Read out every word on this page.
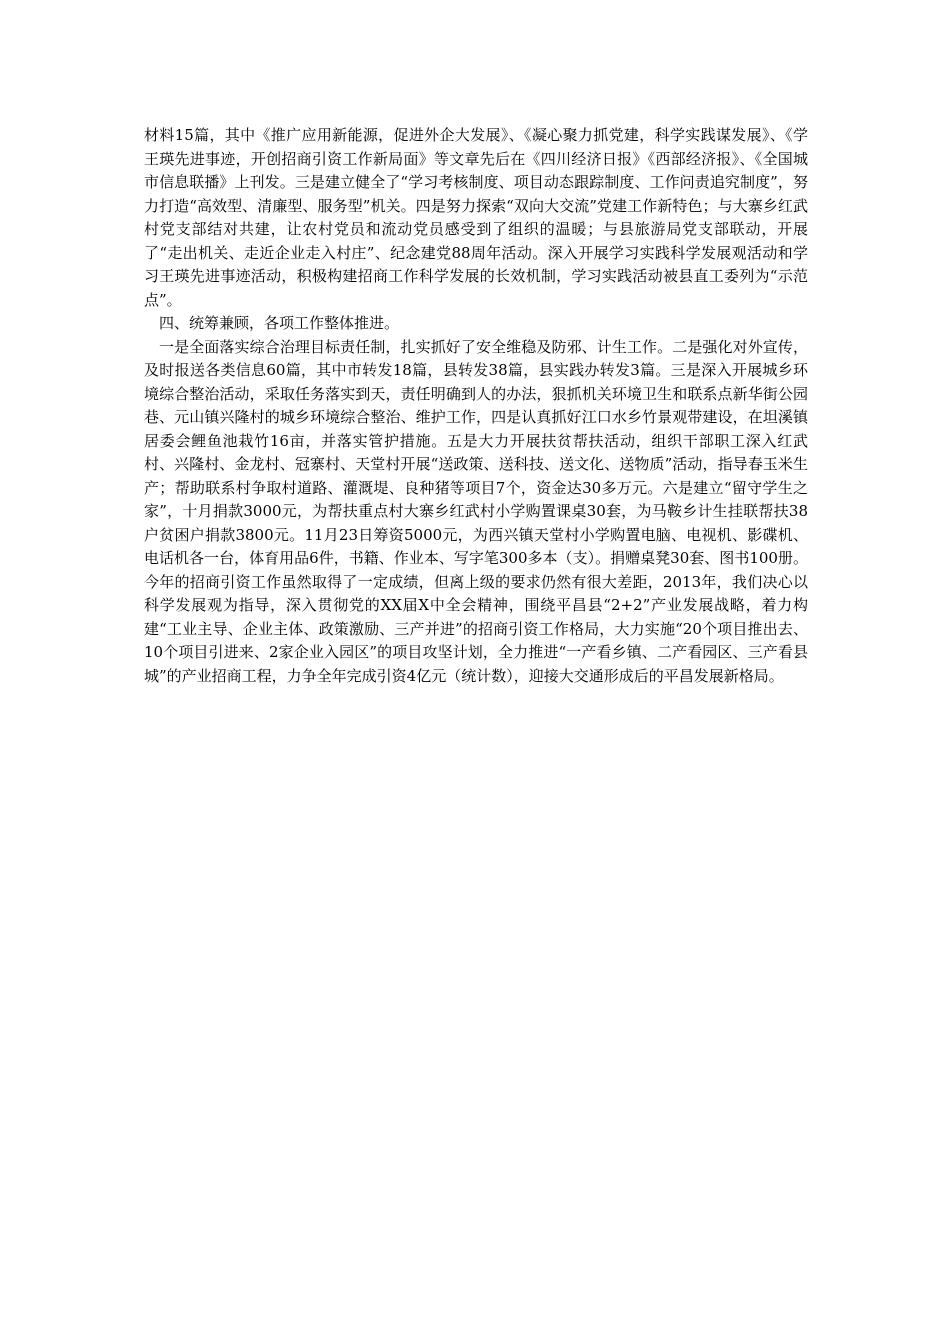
材料15篇，其中《推广应用新能源，促进外企大发展》、《凝心聚力抓党建，科学实践谋发展》、《学王瑛先进事迹，开创招商引资工作新局面》等文章先后在《四川经济日报》《西部经济报》、《全国城市信息联播》上刊发。三是建立健全了“学习考核制度、项目动态跟踪制度、工作问责追究制度”，努力打造“高效型、清廉型、服务型”机关。四是努力探索“双向大交流”党建工作新特色；与大寨乡红武村党支部结对共建，让农村党员和流动党员感受到了组织的温暖；与县旅游局党支部联动，开展了“走出机关、走近企业走入村庄”、纪念建党88周年活动。深入开展学习实践科学发展观活动和学习王瑛先进事迹活动，积极构建招商工作科学发展的长效机制，学习实践活动被县直工委列为“示范点”。

四、统筹兼顾，各项工作整体推进。

一是全面落实综合治理目标责任制，扎实抓好了安全维稳及防邪、计生工作。二是强化对外宣传，及时报送各类信息60篇，其中市转发18篇，县转发38篇，县实践办转发3篇。三是深入开展城乡环境综合整治活动，采取任务落实到天，责任明确到人的办法，狠抓机关环境卫生和联系点新华街公园巷、元山镇兴隆村的城乡环境综合整治、维护工作，四是认真抓好江口水乡竹景观带建设，在坦溪镇居委会鲤鱼池栽竹16亩，并落实管护措施。五是大力开展扶贫帮扶活动，组织干部职工深入红武村、兴隆村、金龙村、冠寨村、天堂村开展“送政策、送科技、送文化、送物质”活动，指导春玉米生产；帮助联系村争取村道路、灌溉堤、良种猪等项目7个，资金达30多万元。六是建立“留守学生之家”，十月捐款3000元，为帮扶重点村大寨乡红武村小学购置课桌30套，为马鞍乡计生挂联帮扶38户贫困户捐款3800元。11月23日筹资5000元，为西兴镇天堂村小学购置电脑、电视机、影碟机、电话机各一台，体育用品6件，书籍、作业本、写字笔300多本（支）。捐赠桌凳30套、图书100册。今年的招商引资工作虽然取得了一定成绩，但离上级的要求仍然有很大差距，2013年，我们决心以科学发展观为指导，深入贯彻党的XX届X中全会精神，围绕平昌县“2+2”产业发展战略，着力构建“工业主导、企业主体、政策激励、三产并进”的招商引资工作格局，大力实施“20个项目推出去、10个项目引进来、2家企业入园区”的项目攻坚计划，全力推进“一产看乡镇、二产看园区、三产看县城”的产业招商工程，力争全年完成引资4亿元（统计数），迎接大交通形成后的平昌发展新格局。
